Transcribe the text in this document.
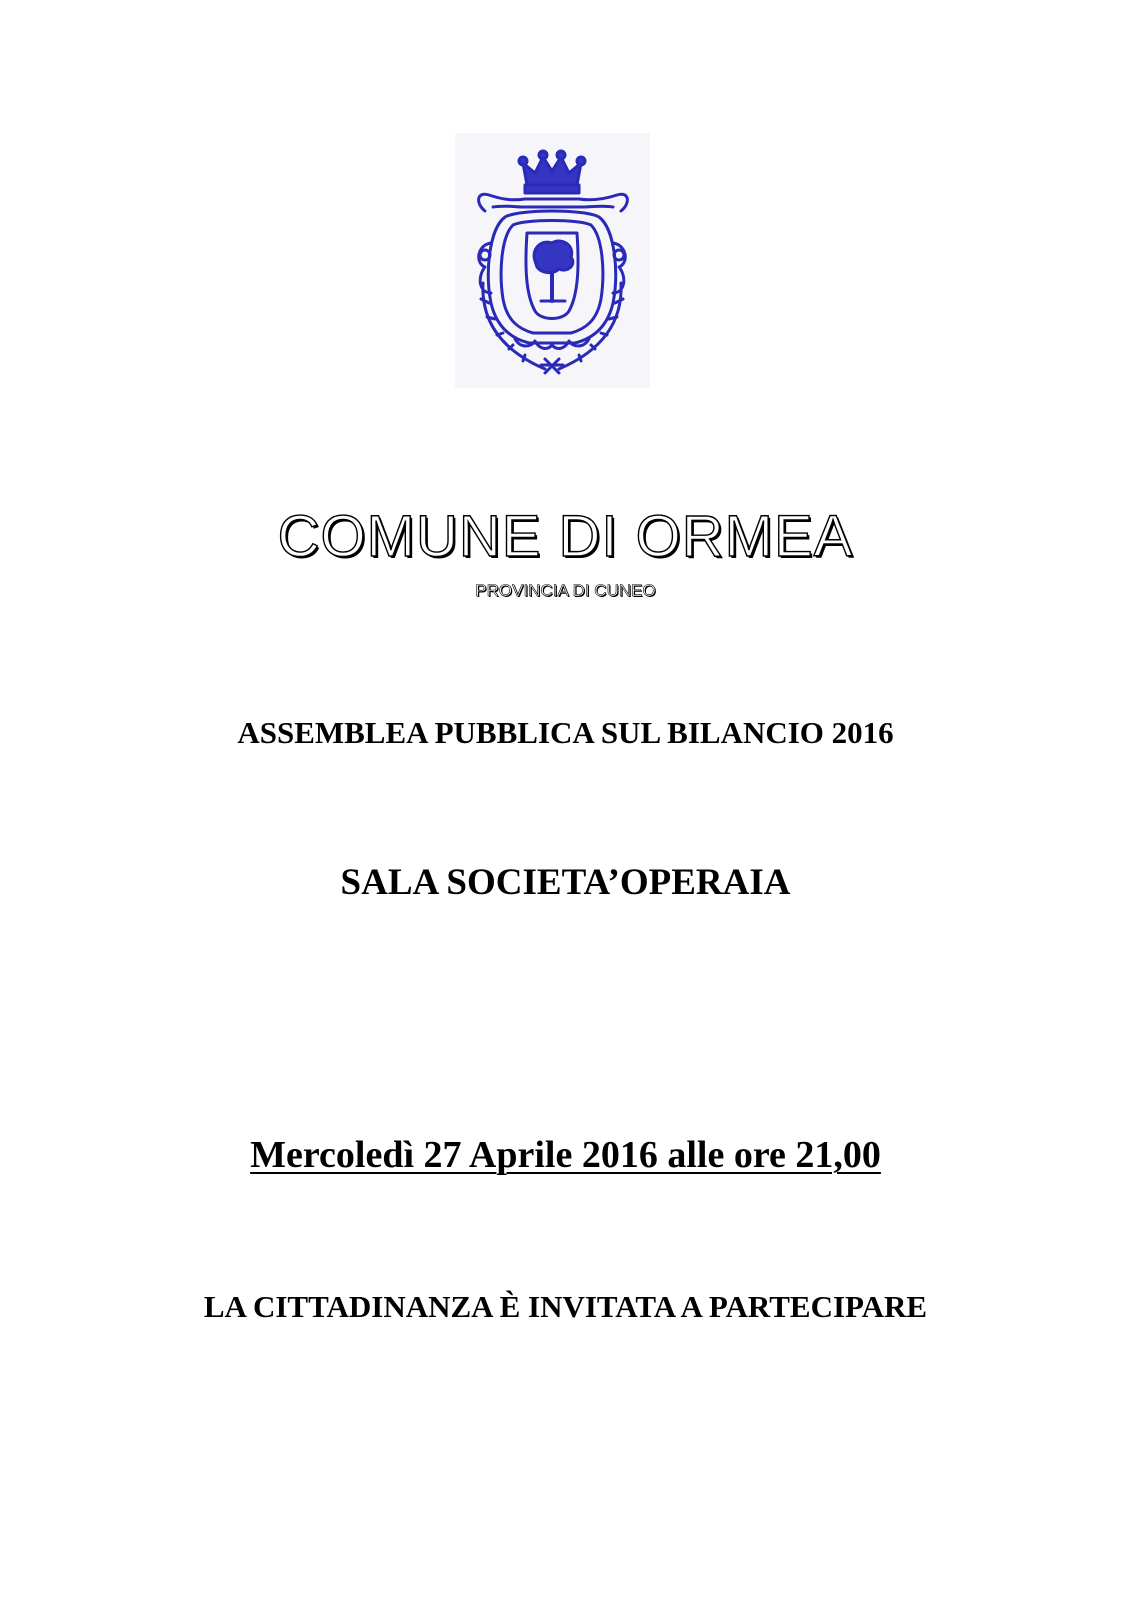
COMUNE DI ORMEA
PROVINCIA DI CUNEO
ASSEMBLEA PUBBLICA SUL BILANCIO 2016
SALA SOCIETA’OPERAIA
Mercoledì 27 Aprile 2016 alle ore 21,00
LA CITTADINANZA È INVITATA A PARTECIPARE
